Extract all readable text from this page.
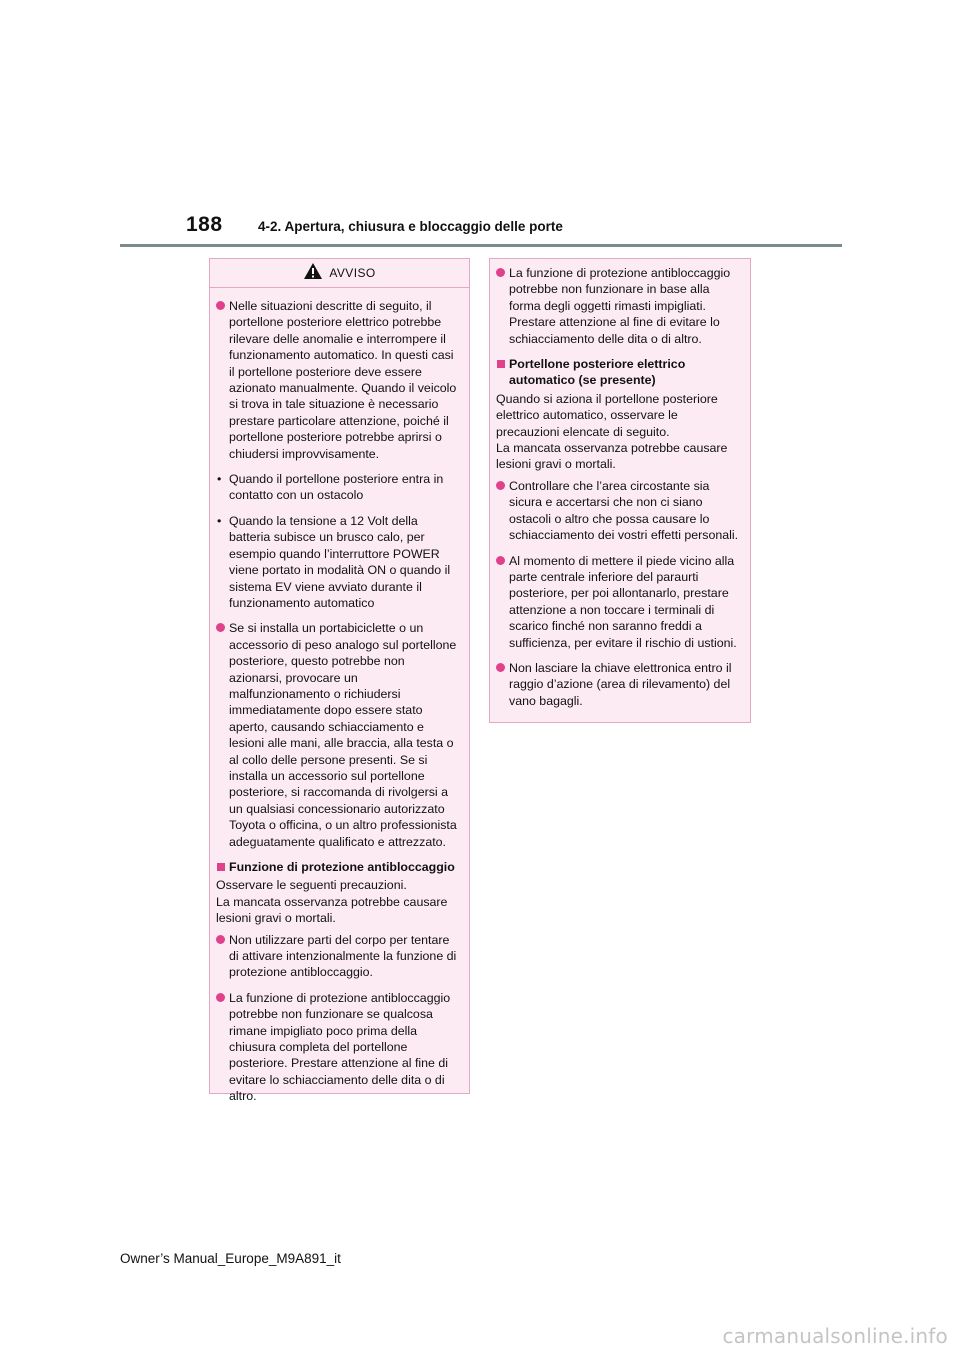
188	4-2. Apertura, chiusura e bloccaggio delle porte
AVVISO

Nelle situazioni descritte di seguito, il portellone posteriore elettrico potrebbe rilevare delle anomalie e interrompere il funzionamento automatico. In questi casi il portellone posteriore deve essere azionato manualmente. Quando il veicolo si trova in tale situazione è necessario prestare particolare attenzione, poiché il portellone posteriore potrebbe aprirsi o chiudersi improvvisamente.

• Quando il portellone posteriore entra in contatto con un ostacolo

• Quando la tensione a 12 Volt della batteria subisce un brusco calo, per esempio quando l’interruttore POWER viene portato in modalità ON o quando il sistema EV viene avviato durante il funzionamento automatico

Se si installa un portabiciclette o un accessorio di peso analogo sul portellone posteriore, questo potrebbe non azionarsi, provocare un malfunzionamento o richiudersi immediatamente dopo essere stato aperto, causando schiacciamento e lesioni alle mani, alle braccia, alla testa o al collo delle persone presenti. Se si installa un accessorio sul portellone posteriore, si raccomanda di rivolgersi a un qualsiasi concessionario autorizzato Toyota o officina, o un altro professionista adeguatamente qualificato e attrezzato.

Funzione di protezione antibloccaggio

Osservare le seguenti precauzioni.

La mancata osservanza potrebbe causare lesioni gravi o mortali.

Non utilizzare parti del corpo per tentare di attivare intenzionalmente la funzione di protezione antibloccaggio.

La funzione di protezione antibloccaggio potrebbe non funzionare se qualcosa rimane impigliato poco prima della chiusura completa del portellone posteriore. Prestare attenzione al fine di evitare lo schiacciamento delle dita o di altro.

La funzione di protezione antibloccaggio potrebbe non funzionare in base alla forma degli oggetti rimasti impigliati. Prestare attenzione al fine di evitare lo schiacciamento delle dita o di altro.

Portellone posteriore elettrico automatico (se presente)

Quando si aziona il portellone posteriore elettrico automatico, osservare le precauzioni elencate di seguito.

La mancata osservanza potrebbe causare lesioni gravi o mortali.

Controllare che l’area circostante sia sicura e accertarsi che non ci siano ostacoli o altro che possa causare lo schiacciamento dei vostri effetti personali.

Al momento di mettere il piede vicino alla parte centrale inferiore del paraurti posteriore, per poi allontanarlo, prestare attenzione a non toccare i terminali di scarico finché non saranno freddi a sufficienza, per evitare il rischio di ustioni.

Non lasciare la chiave elettronica entro il raggio d’azione (area di rilevamento) del vano bagagli.

Owner’s Manual_Europe_M9A891_it
carmanualsonline.info
